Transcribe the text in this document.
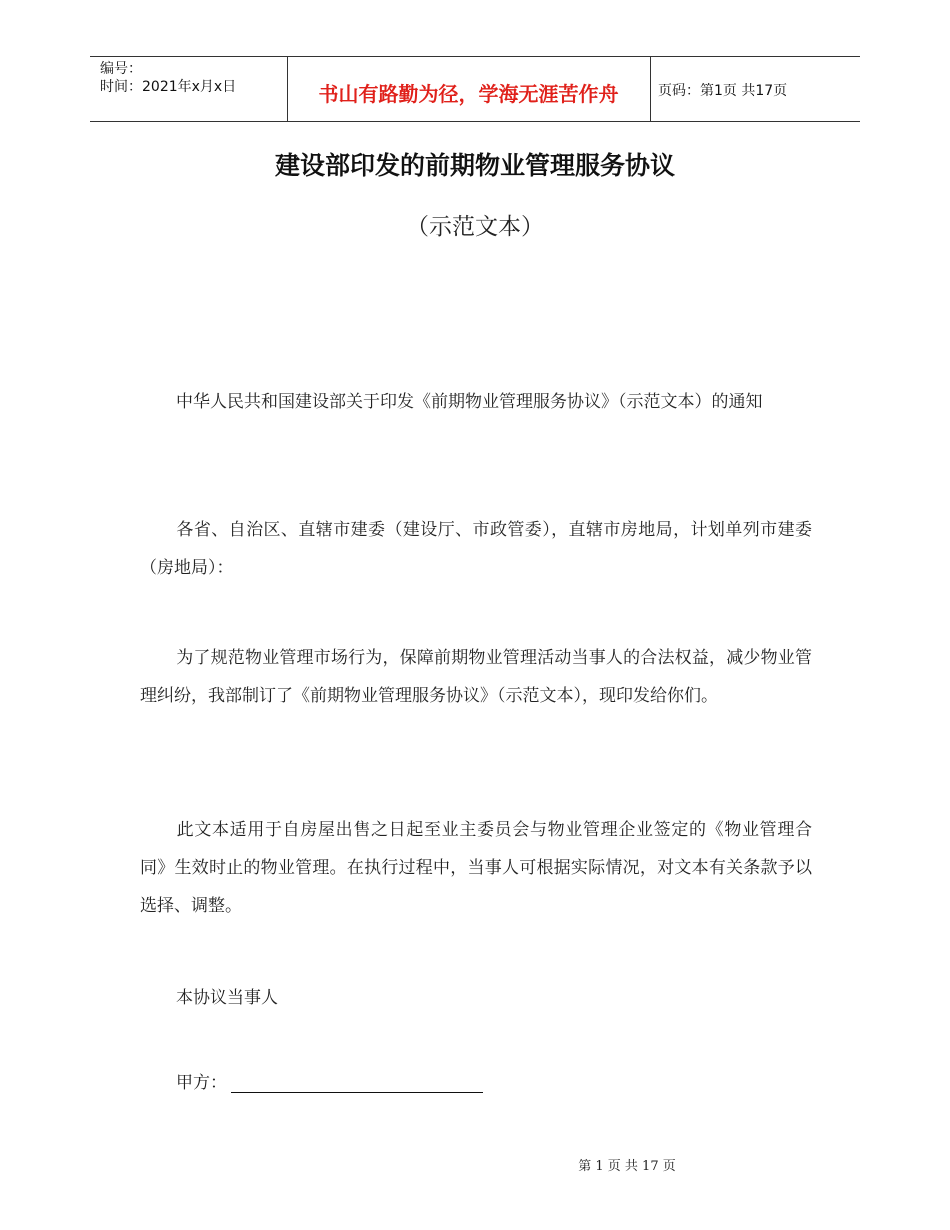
编号：
时间：2021年x月x日	书山有路勤为径，学海无涯苦作舟	页码：第1页 共17页
建设部印发的前期物业管理服务协议
（示范文本）
中华人民共和国建设部关于印发《前期物业管理服务协议》（示范文本）的通知
各省、自治区、直辖市建委（建设厅、市政管委），直辖市房地局，计划单列市建委（房地局）：
为了规范物业管理市场行为，保障前期物业管理活动当事人的合法权益，减少物业管理纠纷，我部制订了《前期物业管理服务协议》（示范文本），现印发给你们。
此文本适用于自房屋出售之日起至业主委员会与物业管理企业签定的《物业管理合同》生效时止的物业管理。在执行过程中，当事人可根据实际情况，对文本有关条款予以选择、调整。
本协议当事人
甲方：
第 1 页 共 17 页
